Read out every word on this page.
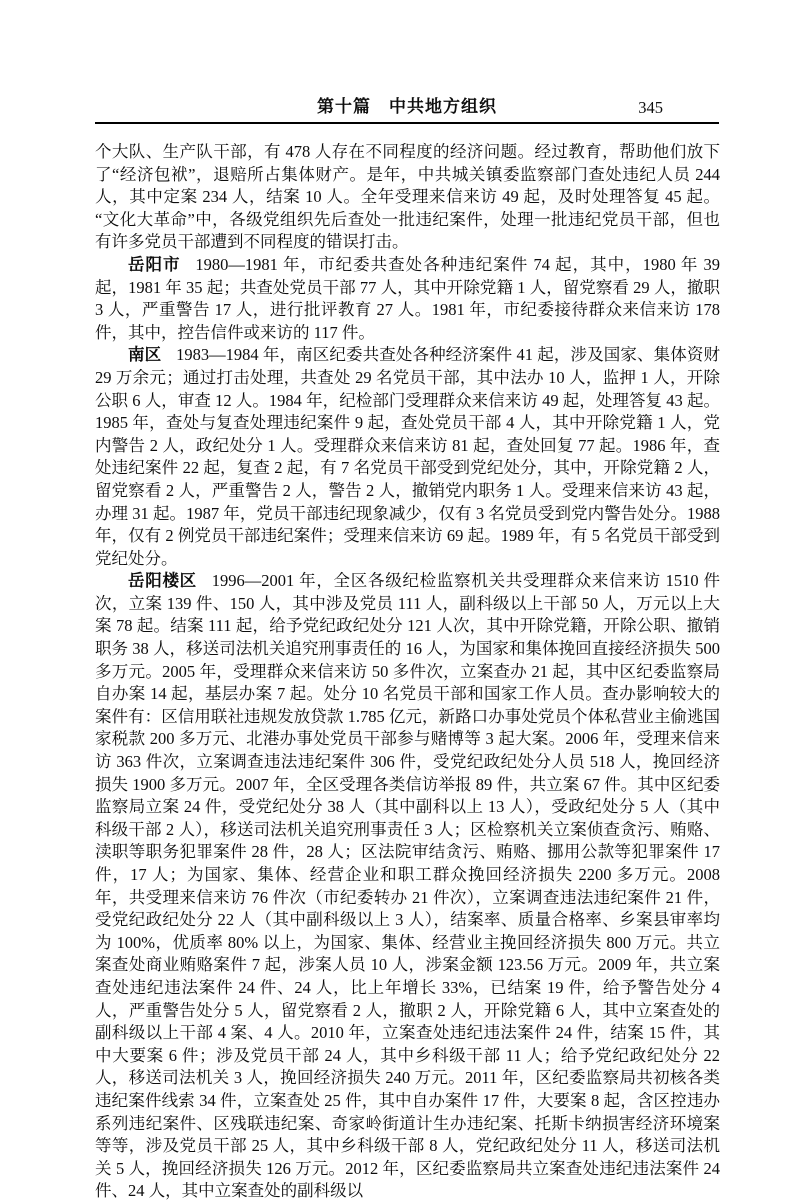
第十篇　中共地方组织	345

个大队、生产队干部，有 478 人存在不同程度的经济问题。经过教育，帮助他们放下了“经济包袱”，退赔所占集体财产。是年，中共城关镇委监察部门查处违纪人员 244 人，其中定案 234 人，结案 10 人。全年受理来信来访 49 起，及时处理答复 45 起。“文化大革命”中，各级党组织先后查处一批违纪案件，处理一批违纪党员干部，但也有许多党员干部遭到不同程度的错误打击。

岳阳市 1980—1981 年，市纪委共查处各种违纪案件 74 起，其中，1980 年 39 起，1981 年 35 起；共查处党员干部 77 人，其中开除党籍 1 人，留党察看 29 人，撤职 3 人，严重警告 17 人，进行批评教育 27 人。1981 年，市纪委接待群众来信来访 178 件，其中，控告信件或来访的 117 件。

南区 1983—1984 年，南区纪委共查处各种经济案件 41 起，涉及国家、集体资财 29 万余元；通过打击处理，共查处 29 名党员干部，其中法办 10 人，监押 1 人，开除公职 6 人，审查 12 人。1984 年，纪检部门受理群众来信来访 49 起，处理答复 43 起。1985 年，查处与复查处理违纪案件 9 起，查处党员干部 4 人，其中开除党籍 1 人，党内警告 2 人，政纪处分 1 人。受理群众来信来访 81 起，查处回复 77 起。1986 年，查处违纪案件 22 起，复查 2 起，有 7 名党员干部受到党纪处分，其中，开除党籍 2 人，留党察看 2 人，严重警告 2 人，警告 2 人，撤销党内职务 1 人。受理来信来访 43 起，办理 31 起。1987 年，党员干部违纪现象减少，仅有 3 名党员受到党内警告处分。1988 年，仅有 2 例党员干部违纪案件；受理来信来访 69 起。1989 年，有 5 名党员干部受到党纪处分。

岳阳楼区 1996—2001 年，全区各级纪检监察机关共受理群众来信来访 1510 件次，立案 139 件、150 人，其中涉及党员 111 人，副科级以上干部 50 人，万元以上大案 78 起。结案 111 起，给予党纪政纪处分 121 人次，其中开除党籍，开除公职、撤销职务 38 人，移送司法机关追究刑事责任的 16 人，为国家和集体挽回直接经济损失 500 多万元。2005 年，受理群众来信来访 50 多件次，立案查办 21 起，其中区纪委监察局自办案 14 起，基层办案 7 起。处分 10 名党员干部和国家工作人员。查办影响较大的案件有：区信用联社违规发放贷款 1.785 亿元，新路口办事处党员个体私营业主偷逃国家税款 200 多万元、北港办事处党员干部参与赌博等 3 起大案。2006 年，受理来信来访 363 件次，立案调查违法违纪案件 306 件，受党纪政纪处分人员 518 人，挽回经济损失 1900 多万元。2007 年，全区受理各类信访举报 89 件，共立案 67 件。其中区纪委监察局立案 24 件，受党纪处分 38 人（其中副科以上 13 人），受政纪处分 5 人（其中科级干部 2 人），移送司法机关追究刑事责任 3 人；区检察机关立案侦查贪污、贿赂、渎职等职务犯罪案件 28 件，28 人；区法院审结贪污、贿赂、挪用公款等犯罪案件 17 件，17 人；为国家、集体、经营企业和职工群众挽回经济损失 2200 多万元。2008 年，共受理来信来访 76 件次（市纪委转办 21 件次），立案调查违法违纪案件 21 件，受党纪政纪处分 22 人（其中副科级以上 3 人），结案率、质量合格率、乡案县审率均为 100%，优质率 80% 以上，为国家、集体、经营业主挽回经济损失 800 万元。共立案查处商业贿赂案件 7 起，涉案人员 10 人，涉案金额 123.56 万元。2009 年，共立案查处违纪违法案件 24 件、24 人，比上年增长 33%，已结案 19 件，给予警告处分 4 人，严重警告处分 5 人，留党察看 2 人，撤职 2 人，开除党籍 6 人，其中立案查处的副科级以上干部 4 案、4 人。2010 年，立案查处违纪违法案件 24 件，结案 15 件，其中大要案 6 件；涉及党员干部 24 人，其中乡科级干部 11 人；给予党纪政纪处分 22 人，移送司法机关 3 人，挽回经济损失 240 万元。2011 年，区纪委监察局共初核各类违纪案件线索 34 件，立案查处 25 件，其中自办案件 17 件，大要案 8 起，含区控违办系列违纪案件、区残联违纪案、奇家岭街道计生办违纪案、托斯卡纳损害经济环境案等等，涉及党员干部 25 人，其中乡科级干部 8 人，党纪政纪处分 11 人，移送司法机关 5 人，挽回经济损失 126 万元。2012 年，区纪委监察局共立案查处违纪违法案件 24 件、24 人，其中立案查处的副科级以
